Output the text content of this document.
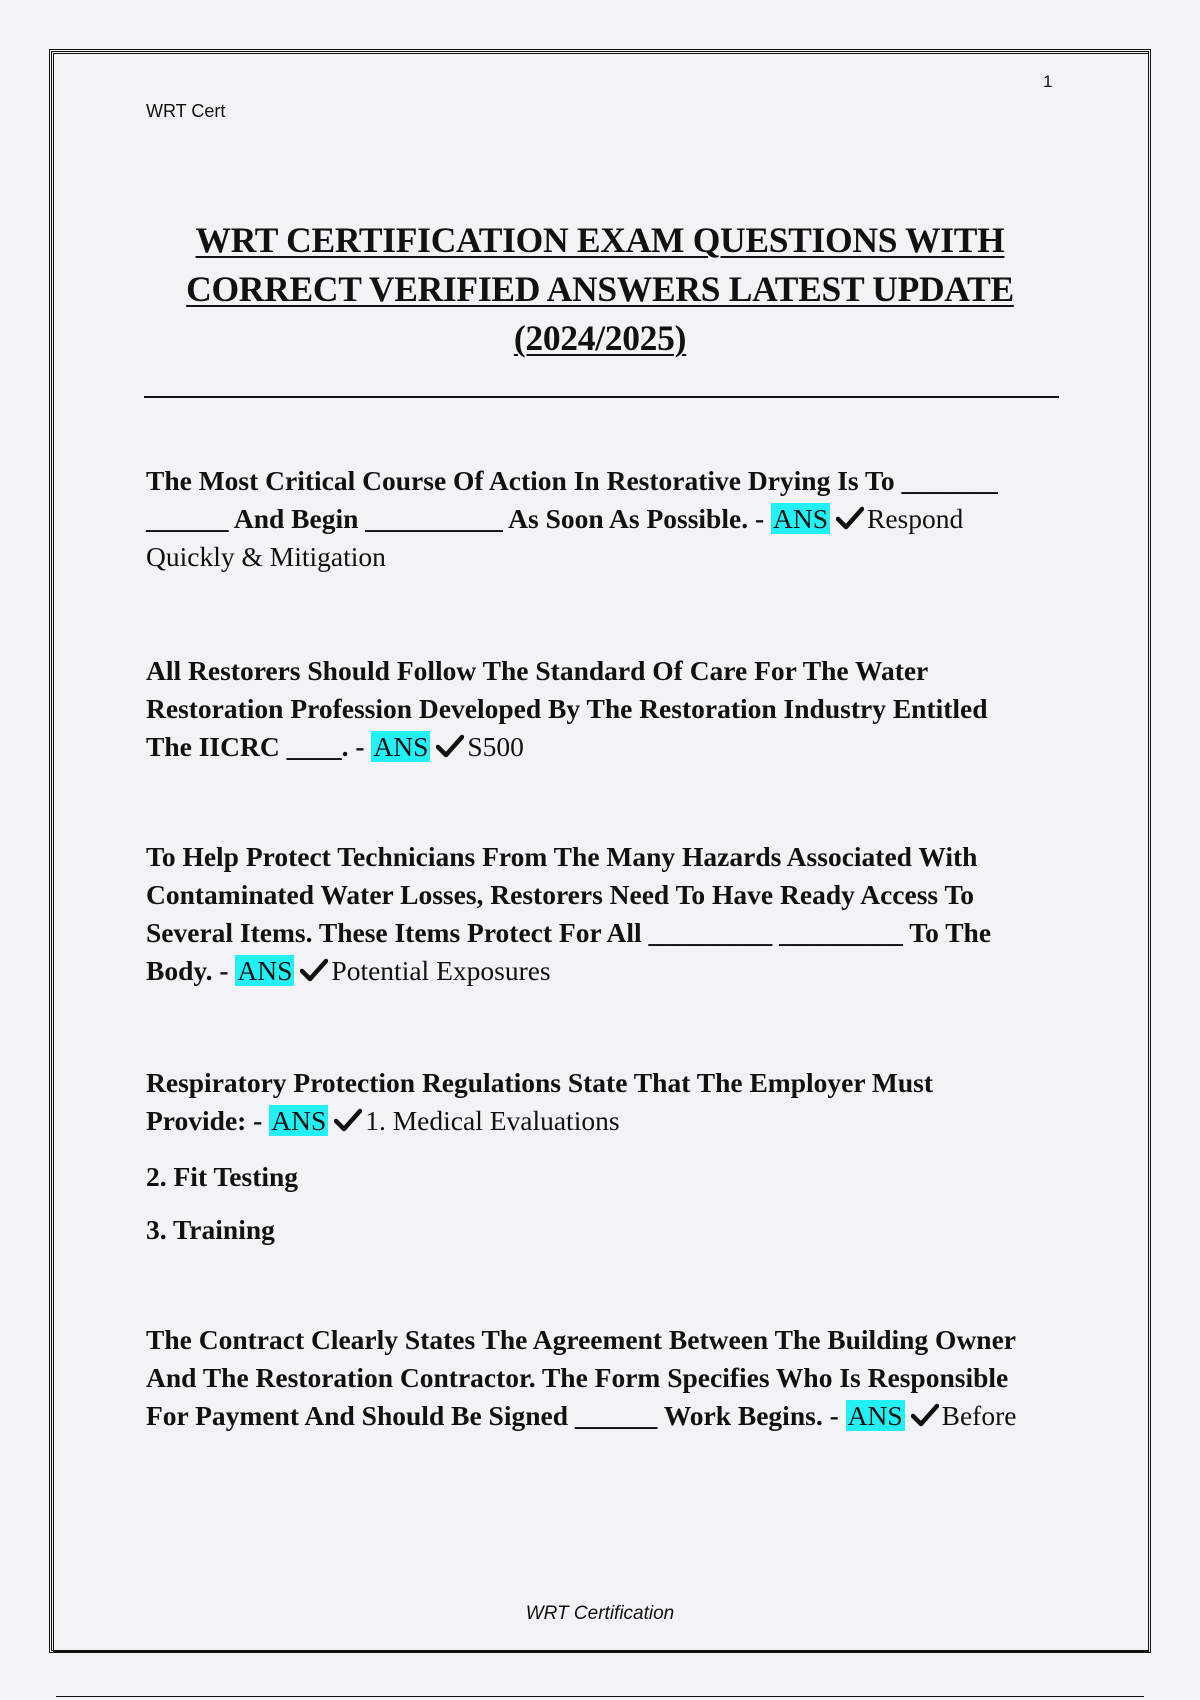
1
WRT Cert
WRT CERTIFICATION EXAM QUESTIONS WITH
CORRECT VERIFIED ANSWERS LATEST UPDATE
(2024/2025)
The Most Critical Course Of Action In Restorative Drying Is To _______
______ And Begin __________ As Soon As Possible. - ANS Respond
Quickly & Mitigation
All Restorers Should Follow The Standard Of Care For The Water
Restoration Profession Developed By The Restoration Industry Entitled
The IICRC ____. - ANS S500
To Help Protect Technicians From The Many Hazards Associated With
Contaminated Water Losses, Restorers Need To Have Ready Access To
Several Items. These Items Protect For All _________ _________ To The
Body. - ANS Potential Exposures
Respiratory Protection Regulations State That The Employer Must
Provide: - ANS 1. Medical Evaluations
2. Fit Testing
3. Training
The Contract Clearly States The Agreement Between The Building Owner
And The Restoration Contractor. The Form Specifies Who Is Responsible
For Payment And Should Be Signed ______ Work Begins. - ANS Before
WRT Certification
